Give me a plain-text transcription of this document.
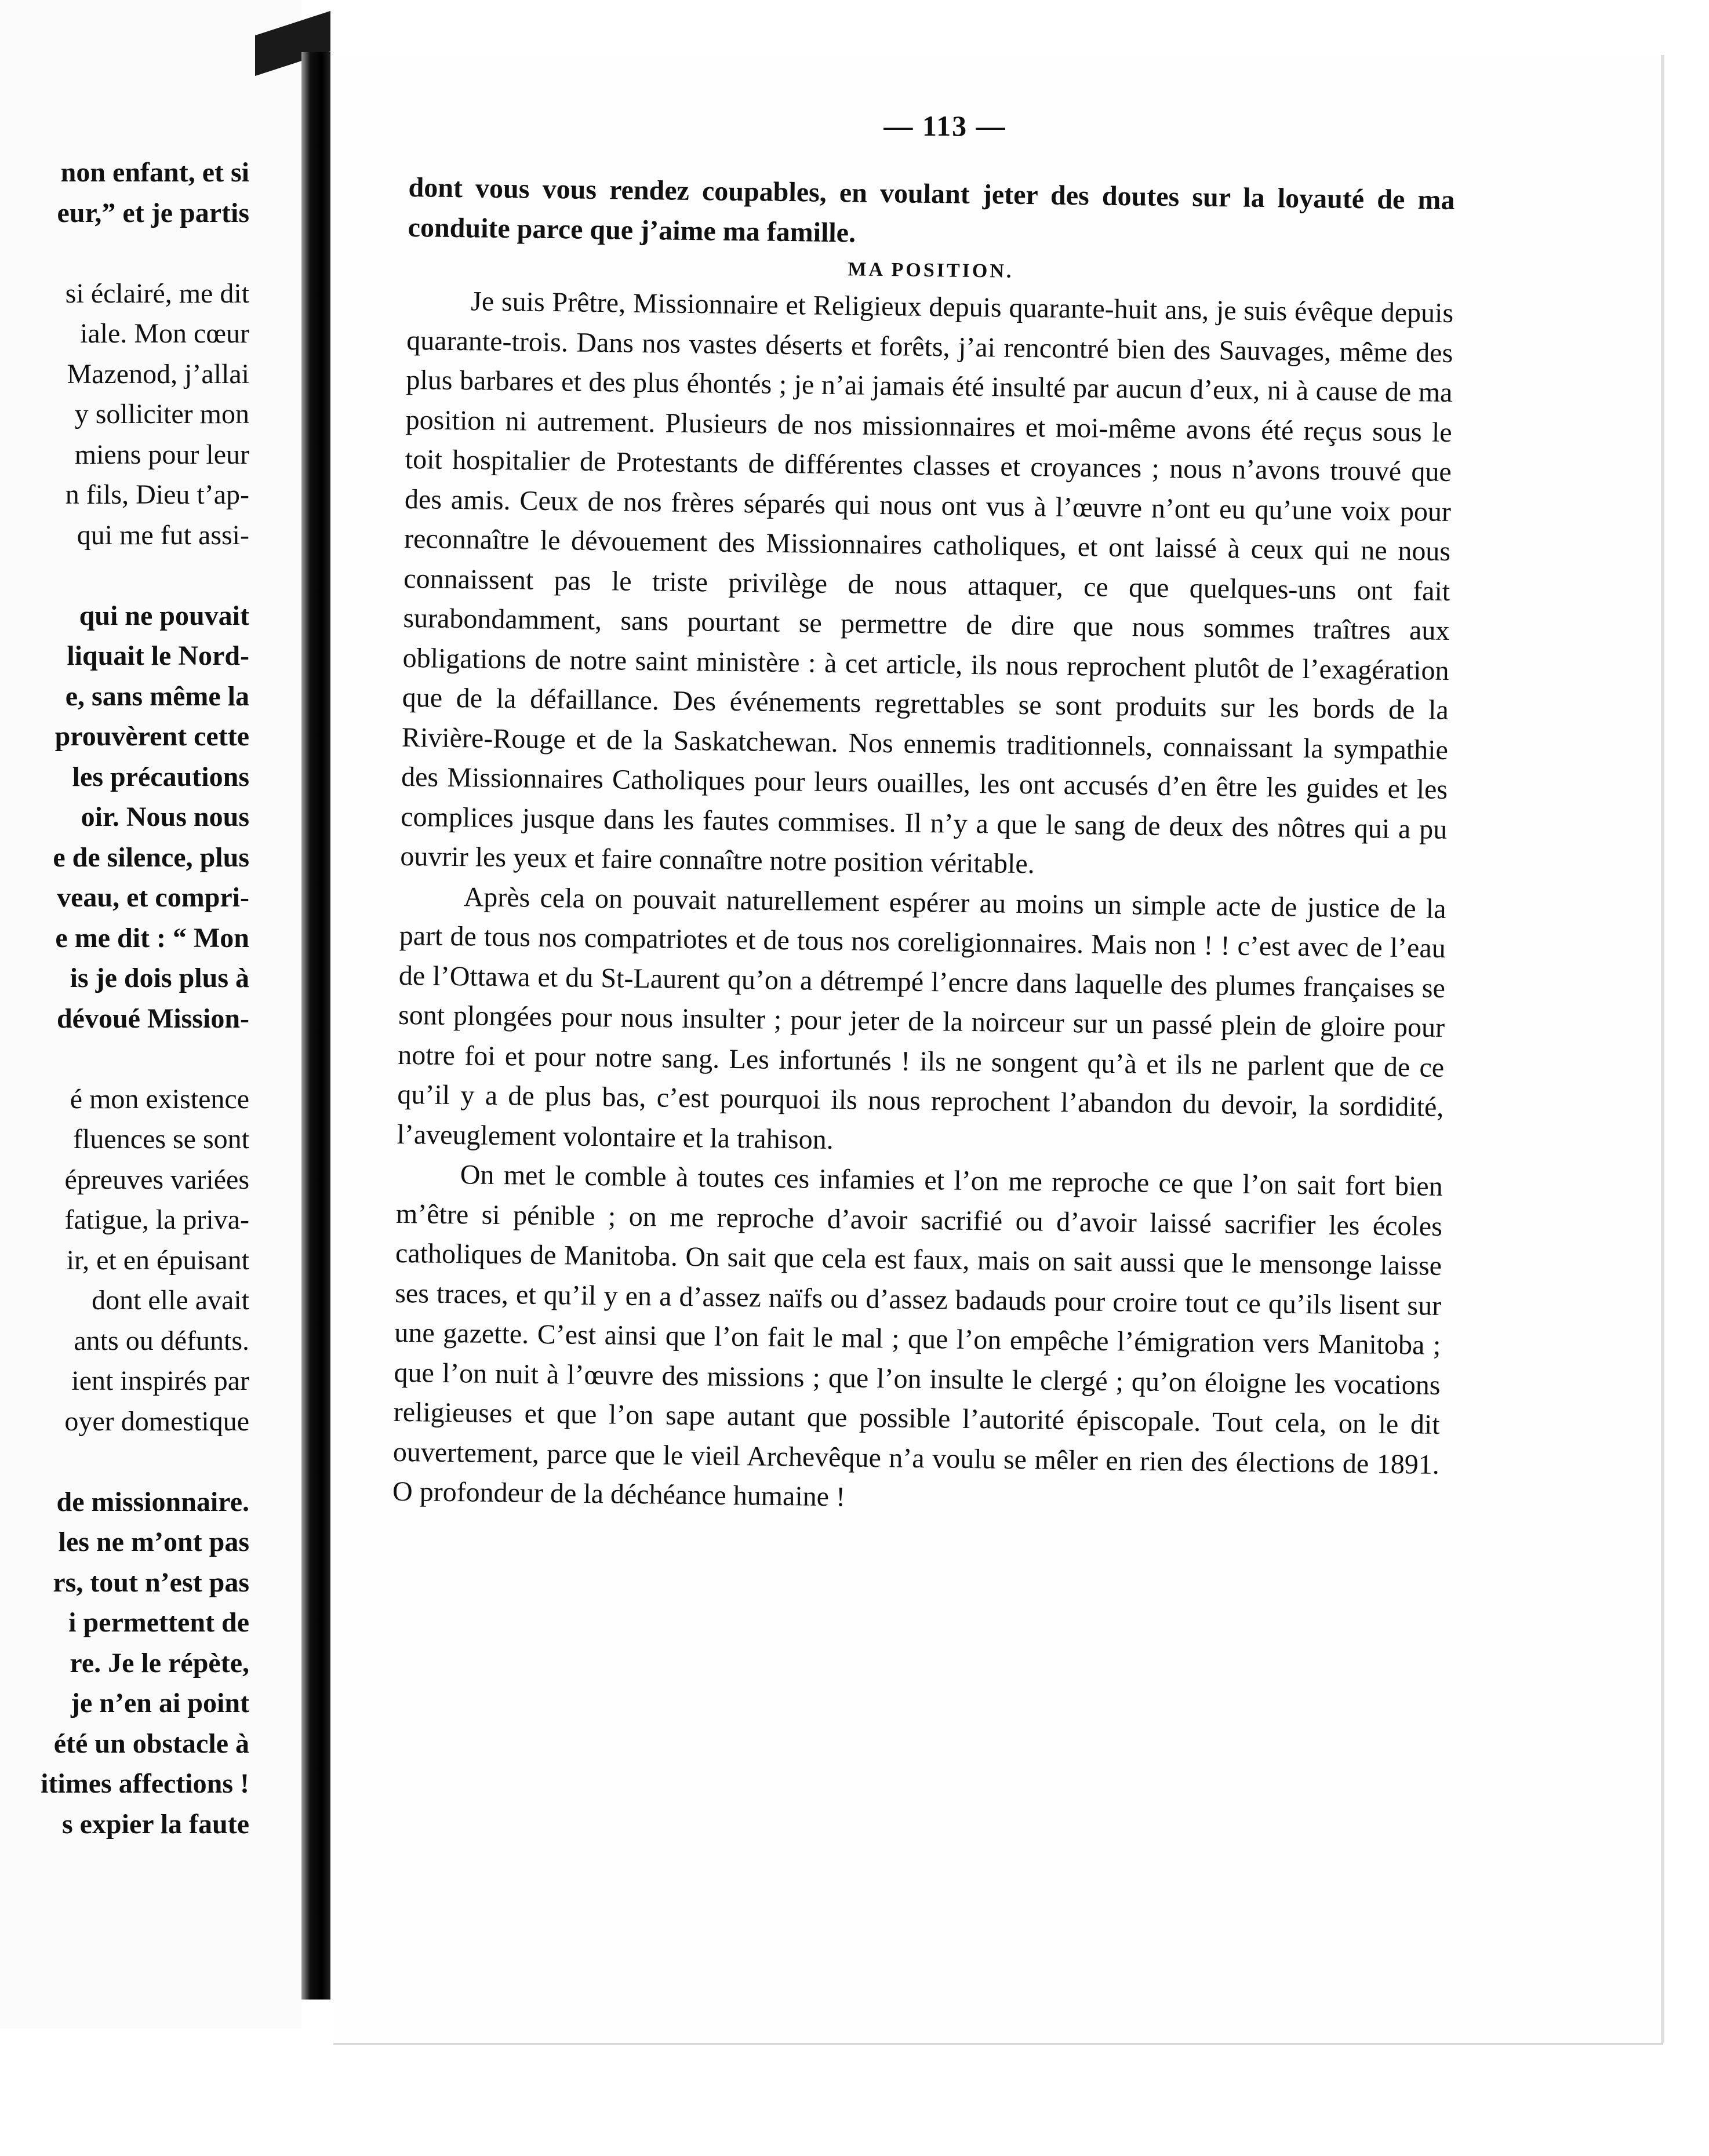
non enfant, et si
eur,” et je partis
si éclairé, me dit
iale. Mon cœur
Mazenod, j’allai
y solliciter mon
miens pour leur
n fils, Dieu t’ap-
qui me fut assi-
qui ne pouvait
liquait le Nord-
e, sans même la
prouvèrent cette
les précautions
oir. Nous nous
e de silence, plus
veau, et compri-
e me dit : “ Mon
is je dois plus à
dévoué Mission-
é mon existence
fluences se sont
épreuves variées
fatigue, la priva-
ir, et en épuisant
dont elle avait
ants ou défunts.
ient inspirés par
oyer domestique
de missionnaire.
les ne m’ont pas
rs, tout n’est pas
i permettent de
re. Je le répète,
je n’en ai point
été un obstacle à
itimes affections !
s expier la faute
— 113 —

dont vous vous rendez coupables, en voulant jeter des doutes sur la loyauté de ma conduite parce que j’aime ma famille.

MA POSITION.

Je suis Prêtre, Missionnaire et Religieux depuis quarante-huit ans, je suis évêque depuis quarante-trois. Dans nos vastes déserts et forêts, j’ai rencontré bien des Sauvages, même des plus barbares et des plus éhontés ; je n’ai jamais été insulté par aucun d’eux, ni à cause de ma position ni autrement. Plusieurs de nos missionnaires et moi-même avons été reçus sous le toit hospitalier de Protestants de différentes classes et croyances ; nous n’avons trouvé que des amis. Ceux de nos frères séparés qui nous ont vus à l’œuvre n’ont eu qu’une voix pour reconnaître le dévouement des Missionnaires catholiques, et ont laissé à ceux qui ne nous connaissent pas le triste privilège de nous attaquer, ce que quelques-uns ont fait surabondamment, sans pourtant se permettre de dire que nous sommes traîtres aux obligations de notre saint ministère : à cet article, ils nous reprochent plutôt de l’exagération que de la défaillance. Des événements regrettables se sont produits sur les bords de la Rivière-Rouge et de la Saskatchewan. Nos ennemis traditionnels, connaissant la sympathie des Missionnaires Catholiques pour leurs ouailles, les ont accusés d’en être les guides et les complices jusque dans les fautes commises. Il n’y a que le sang de deux des nôtres qui a pu ouvrir les yeux et faire connaître notre position véritable.

Après cela on pouvait naturellement espérer au moins un simple acte de justice de la part de tous nos compatriotes et de tous nos coreligionnaires. Mais non ! ! c’est avec de l’eau de l’Ottawa et du St-Laurent qu’on a détrempé l’encre dans laquelle des plumes françaises se sont plongées pour nous insulter ; pour jeter de la noirceur sur un passé plein de gloire pour notre foi et pour notre sang. Les infortunés ! ils ne songent qu’à et ils ne parlent que de ce qu’il y a de plus bas, c’est pourquoi ils nous reprochent l’abandon du devoir, la sordidité, l’aveuglement volontaire et la trahison.

On met le comble à toutes ces infamies et l’on me reproche ce que l’on sait fort bien m’être si pénible ; on me reproche d’avoir sacrifié ou d’avoir laissé sacrifier les écoles catholiques de Manitoba. On sait que cela est faux, mais on sait aussi que le mensonge laisse ses traces, et qu’il y en a d’assez naïfs ou d’assez badauds pour croire tout ce qu’ils lisent sur une gazette. C’est ainsi que l’on fait le mal ; que l’on empêche l’émigration vers Manitoba ; que l’on nuit à l’œuvre des missions ; que l’on insulte le clergé ; qu’on éloigne les vocations religieuses et que l’on sape autant que possible l’autorité épiscopale. Tout cela, on le dit ouvertement, parce que le vieil Archevêque n’a voulu se mêler en rien des élections de 1891. O profondeur de la déchéance humaine !
